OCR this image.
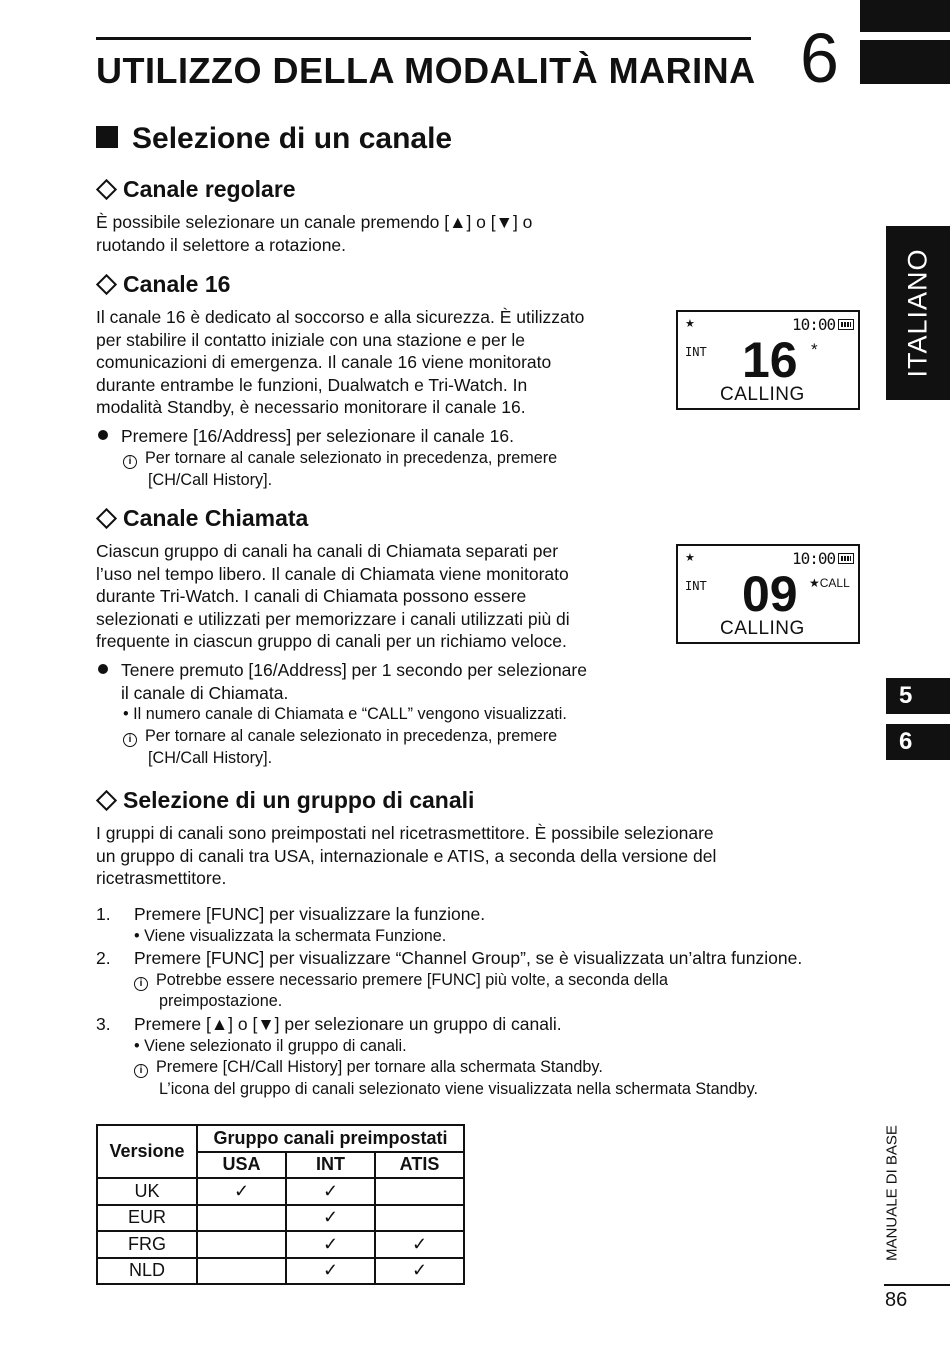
UTILIZZO DELLA MODALITÀ MARINA 6
ITALIANO
5
6
MANUALE DI BASE
86
Selezione di un canale
Canale regolare
È possibile selezionare un canale premendo [▲] o [▼] o
ruotando il selettore a rotazione.
Canale 16
Il canale 16 è dedicato al soccorso e alla sicurezza. È utilizzato
per stabilire il contatto iniziale con una stazione e per le
comunicazioni di emergenza. Il canale 16 viene monitorato
durante entrambe le funzioni, Dualwatch e Tri-Watch. In
modalità Standby, è necessario monitorare il canale 16.
Premere [16/Address] per selezionare il canale 16.
i Per tornare al canale selezionato in precedenza, premere
[CH/Call History].
★	10:00
INT 16 *
CALLING
Canale Chiamata
Ciascun gruppo di canali ha canali di Chiamata separati per
l’uso nel tempo libero. Il canale di Chiamata viene monitorato
durante Tri-Watch. I canali di Chiamata possono essere
selezionati e utilizzati per memorizzare i canali utilizzati più di
frequente in ciascun gruppo di canali per un richiamo veloce.
Tenere premuto [16/Address] per 1 secondo per selezionare
il canale di Chiamata.
• Il numero canale di Chiamata e “CALL” vengono visualizzati.
i Per tornare al canale selezionato in precedenza, premere
[CH/Call History].
★	10:00
INT 09 ★CALL
CALLING
Selezione di un gruppo di canali
I gruppi di canali sono preimpostati nel ricetrasmettitore. È possibile selezionare
un gruppo di canali tra USA, internazionale e ATIS, a seconda della versione del
ricetrasmettitore.
1. Premere [FUNC] per visualizzare la funzione.
• Viene visualizzata la schermata Funzione.
2. Premere [FUNC] per visualizzare “Channel Group”, se è visualizzata un’altra funzione.
i Potrebbe essere necessario premere [FUNC] più volte, a seconda della
preimpostazione.
3. Premere [▲] o [▼] per selezionare un gruppo di canali.
• Viene selezionato il gruppo di canali.
i Premere [CH/Call History] per tornare alla schermata Standby.
L’icona del gruppo di canali selezionato viene visualizzata nella schermata Standby.
Versione	Gruppo canali preimpostati		
	USA	INT	ATIS
UK	✓	✓	
EUR		✓	
FRG		✓	✓
NLD		✓	✓
